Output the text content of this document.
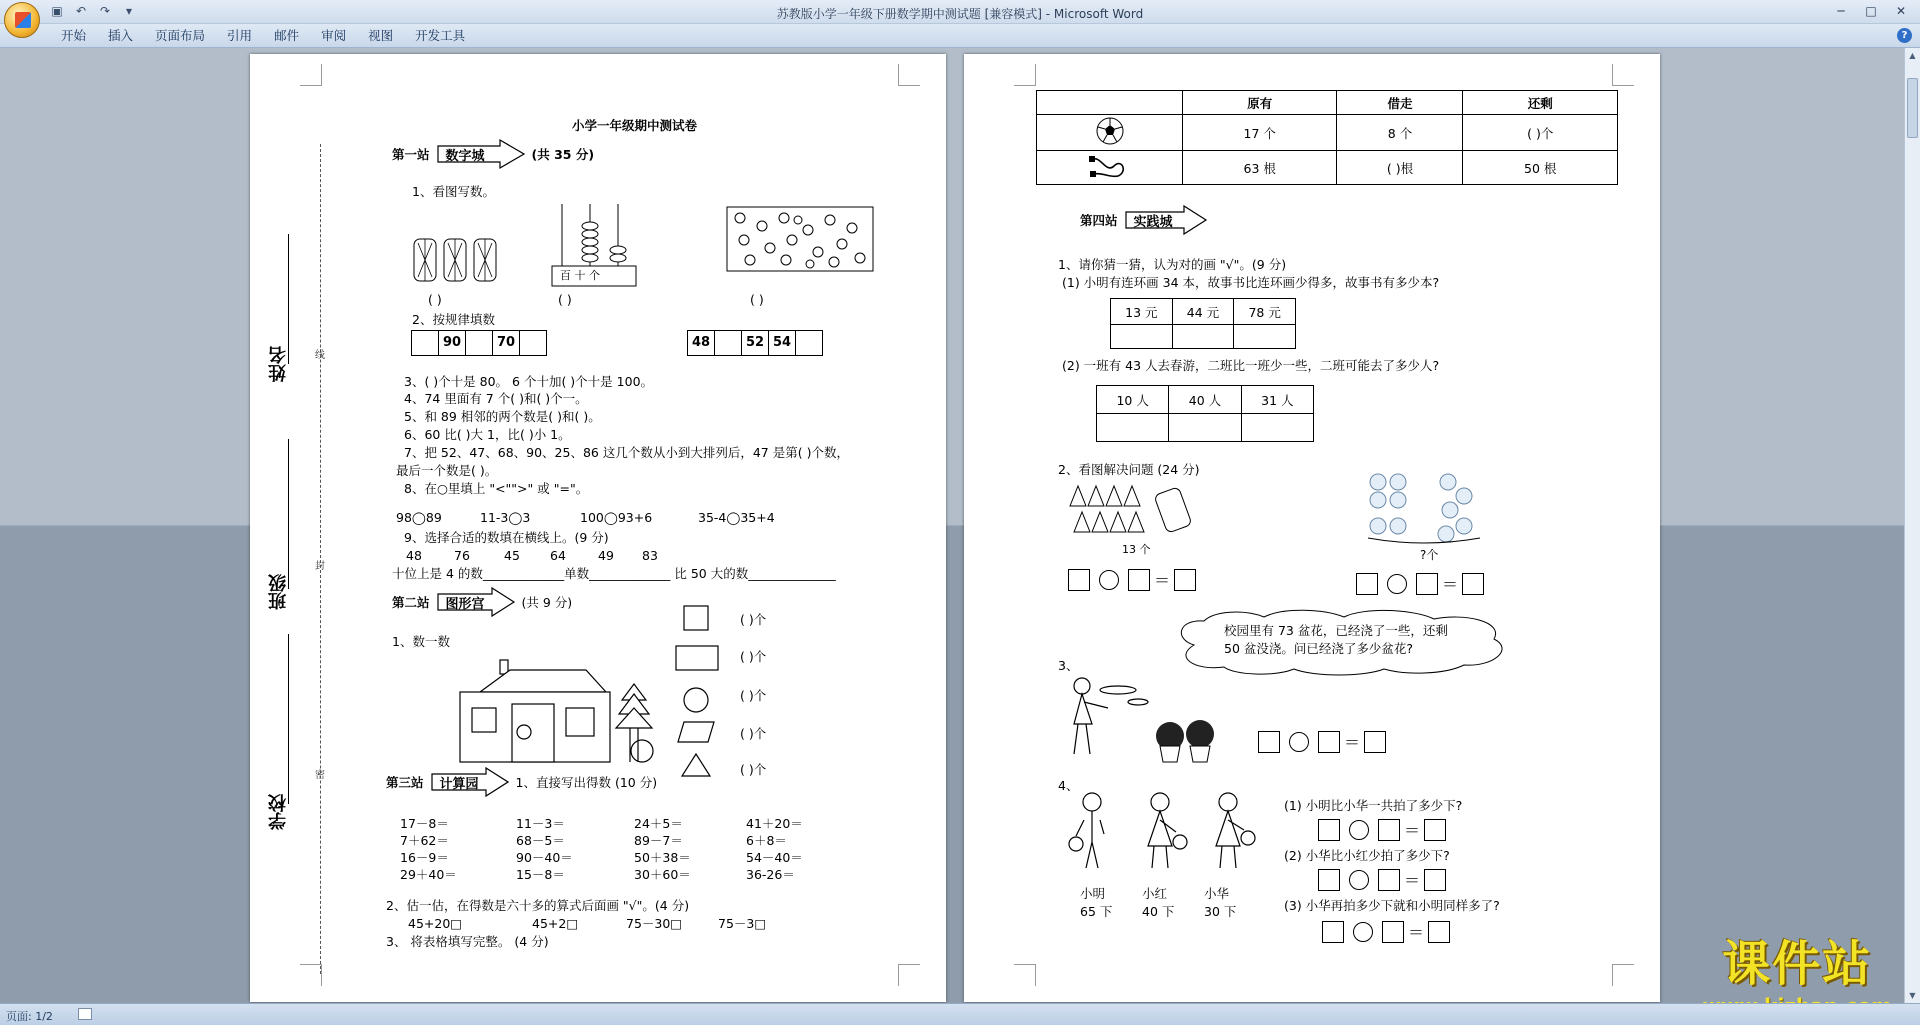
▣	↶	↷	▾	苏教版小学一年级下册数学期中测试题 [兼容模式] - Microsoft Word	─	□	✕
开始	插入	页面布局	引用	邮件	审阅	视图	开发工具	?
▲
▼
姓名
班级
学校
线
封
密
小学一年级期中测试卷
第一站	数字城	(共 35 分)
1、看图写数。
( )
百 十 个
( )	( )
2、按规律填数
90	70	48	52 54
3、( )个十是 80。 6 个十加( )个十是 100。
4、74 里面有 7 个( )和( )个一。
5、和 89 相邻的两个数是( )和( )。
6、60 比( )大 1，比( )小 1。
7、把 52、47、68、90、25、86 这几个数从小到大排列后，47 是第( )个数，
最后一个数是( )。
8、在○里填上 "<"">" 或 "="。
98◯89	11-3◯3	100◯93+6	35-4◯35+4
9、选择合适的数填在横线上。(9 分)
48	76	45 64	49 83
十位上是 4 的数_____________单数_____________ 比 50 大的数______________
第二站	图形宫	(共 9 分)
1、数一数
( )个
( )个
( )个
( )个
( )个
第三站	计算园	1、直接写出得数 (10 分)
17－8＝	11－3＝	24＋5＝	41＋20＝
7＋62＝	68－5＝	89－7＝	6＋8＝
16－9＝	90－40＝	50＋38＝	54－40＝
29＋40＝	15－8＝	30＋60＝	36-26＝
2、估一估，在得数是六十多的算式后面画 "√"。(4 分)
45+20□	45+2□	75－30□	75－3□
3、 将表格填写完整。 (4 分)
	原有	借走	还剩
	17 个	8 个	( )个
	63 根	( )根	50 根
第四站	实践城
1、请你猜一猜，认为对的画 "√"。(9 分)
(1) 小明有连环画 34 本，故事书比连环画少得多，故事书有多少本?
13 元	44 元	78 元

(2) 一班有 43 人去春游，二班比一班少一些，二班可能去了多少人?
10 人	40 人	31 人

2、看图解决问题 (24 分)
13 个
＝
?个
＝
校园里有 73 盆花，已经浇了一些，还剩 50 盆没浇。问已经浇了多少盆花?
3、
＝
4、
小明
65 下
小红
40 下
小华
30 下
(1) 小明比小华一共拍了多少下?
＝
(2) 小华比小红少拍了多少下?
＝
(3) 小华再拍多少下就和小明同样多了?
＝
课件站
页面: 1/2
